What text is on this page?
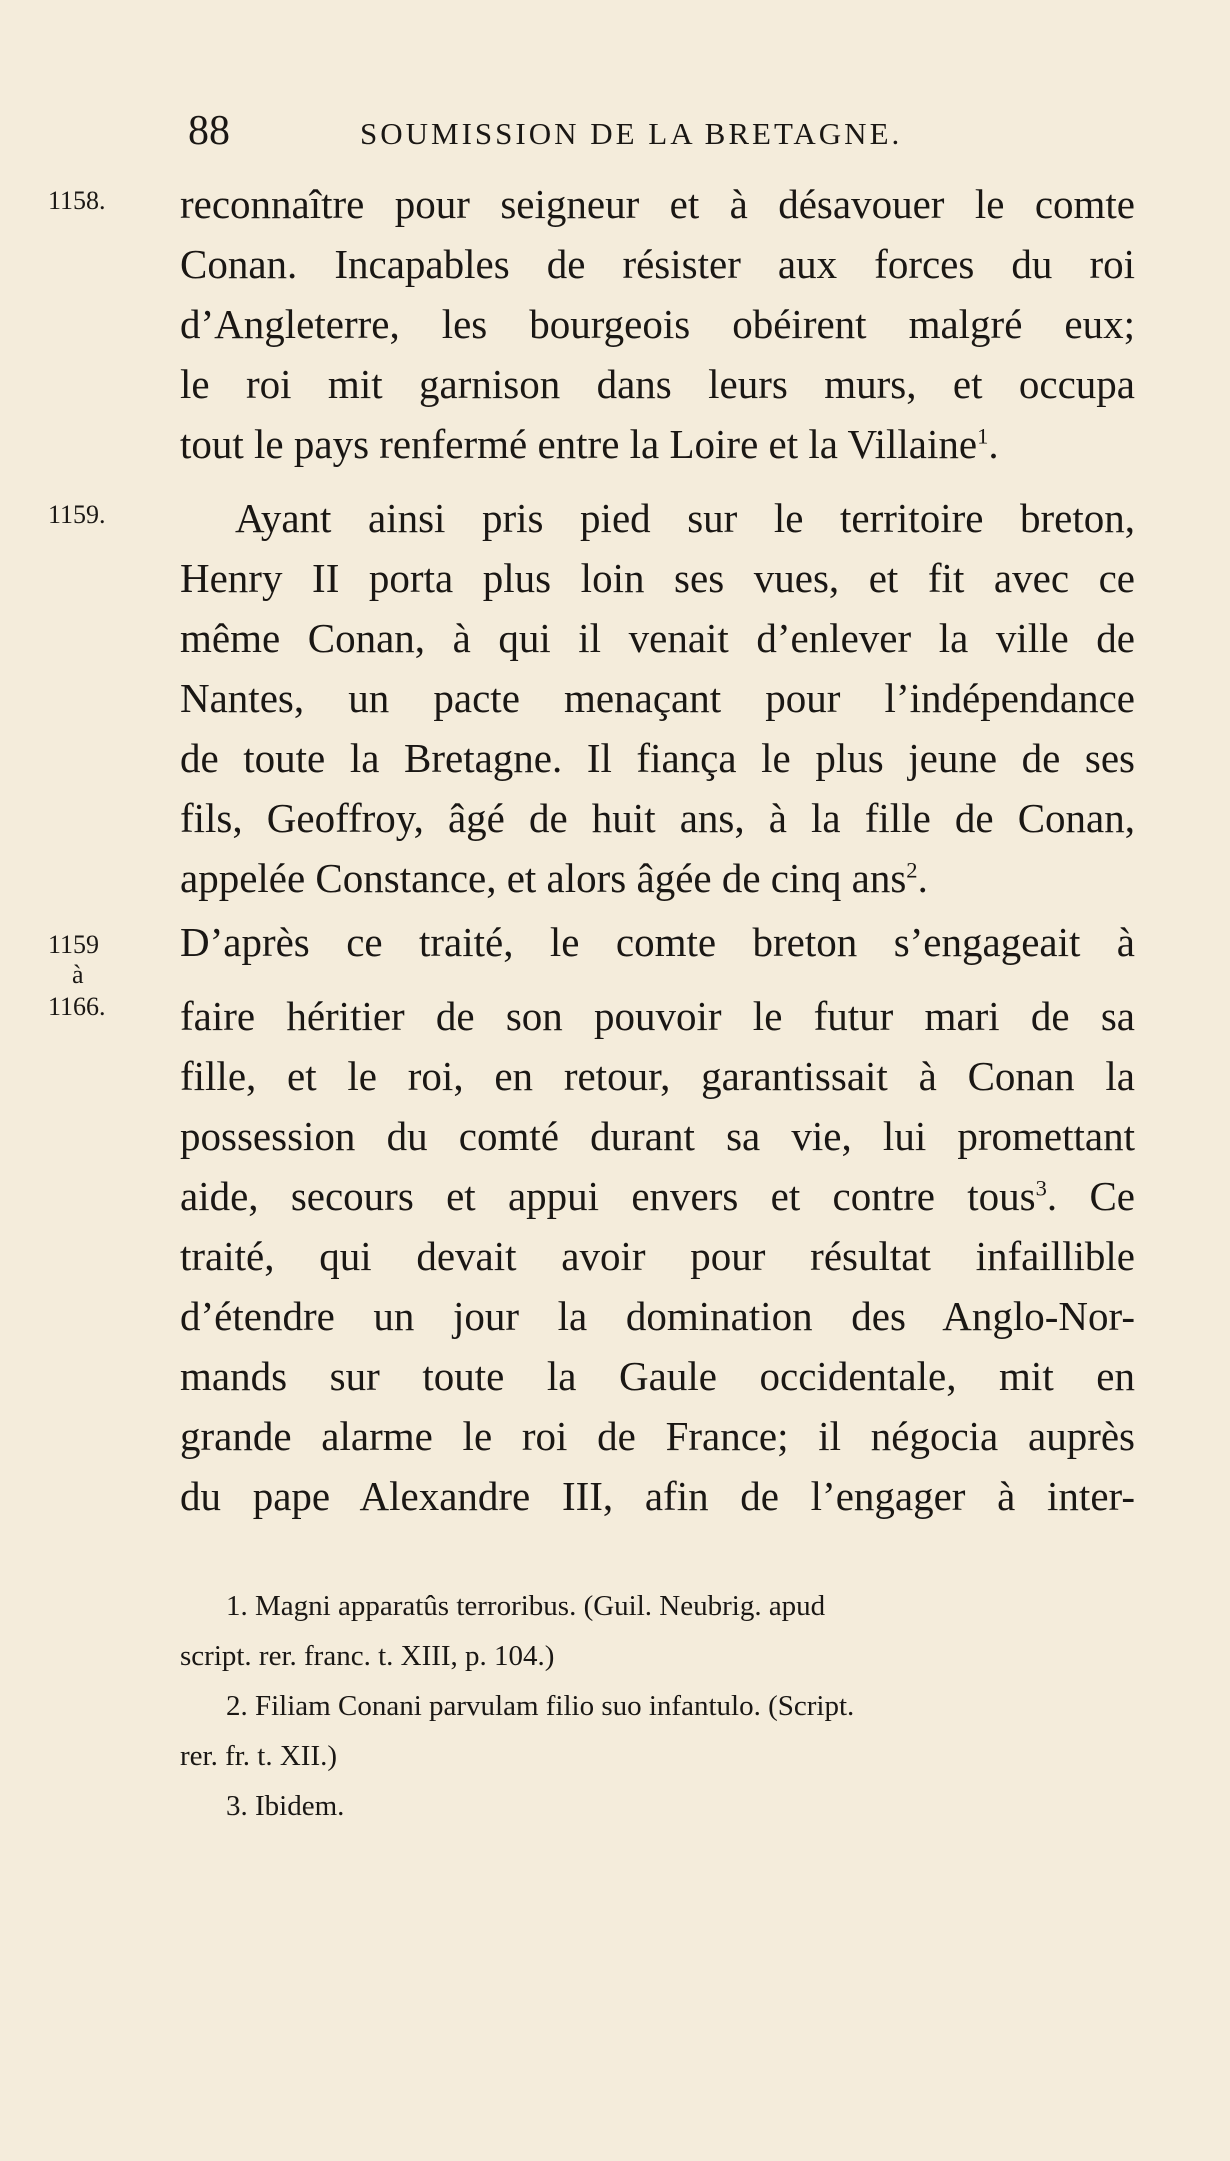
88	SOUMISSION DE LA BRETAGNE.
1158.
1159.
1159
à
1166.
reconnaître pour seigneur et à désavouer le comte
Conan. Incapables de résister aux forces du roi
d’Angleterre, les bourgeois obéirent malgré eux;
le roi mit garnison dans leurs murs, et occupa
tout le pays renfermé entre la Loire et la Villaine$^1$.
Ayant ainsi pris pied sur le territoire breton,
Henry II porta plus loin ses vues, et fit avec ce
même Conan, à qui il venait d’enlever la ville de
Nantes, un pacte menaçant pour l’indépendance
de toute la Bretagne. Il fiança le plus jeune de ses
fils, Geoffroy, âgé de huit ans, à la fille de Conan,
appelée Constance, et alors âgée de cinq ans$^2$.
D’après ce traité, le comte breton s’engageait à
faire héritier de son pouvoir le futur mari de sa
fille, et le roi, en retour, garantissait à Conan la
possession du comté durant sa vie, lui promettant
aide, secours et appui envers et contre tous$^3$. Ce
traité, qui devait avoir pour résultat infaillible
d’étendre un jour la domination des Anglo-Nor-
mands sur toute la Gaule occidentale, mit en
grande alarme le roi de France; il négocia auprès
du pape Alexandre III, afin de l’engager à inter-
1. Magni apparatûs terroribus. (Guil. Neubrig. apud
script. rer. franc. t. XIII, p. 104.)
2. Filiam Conani parvulam filio suo infantulo. (Script.
rer. fr. t. XII.)
3. Ibidem.
